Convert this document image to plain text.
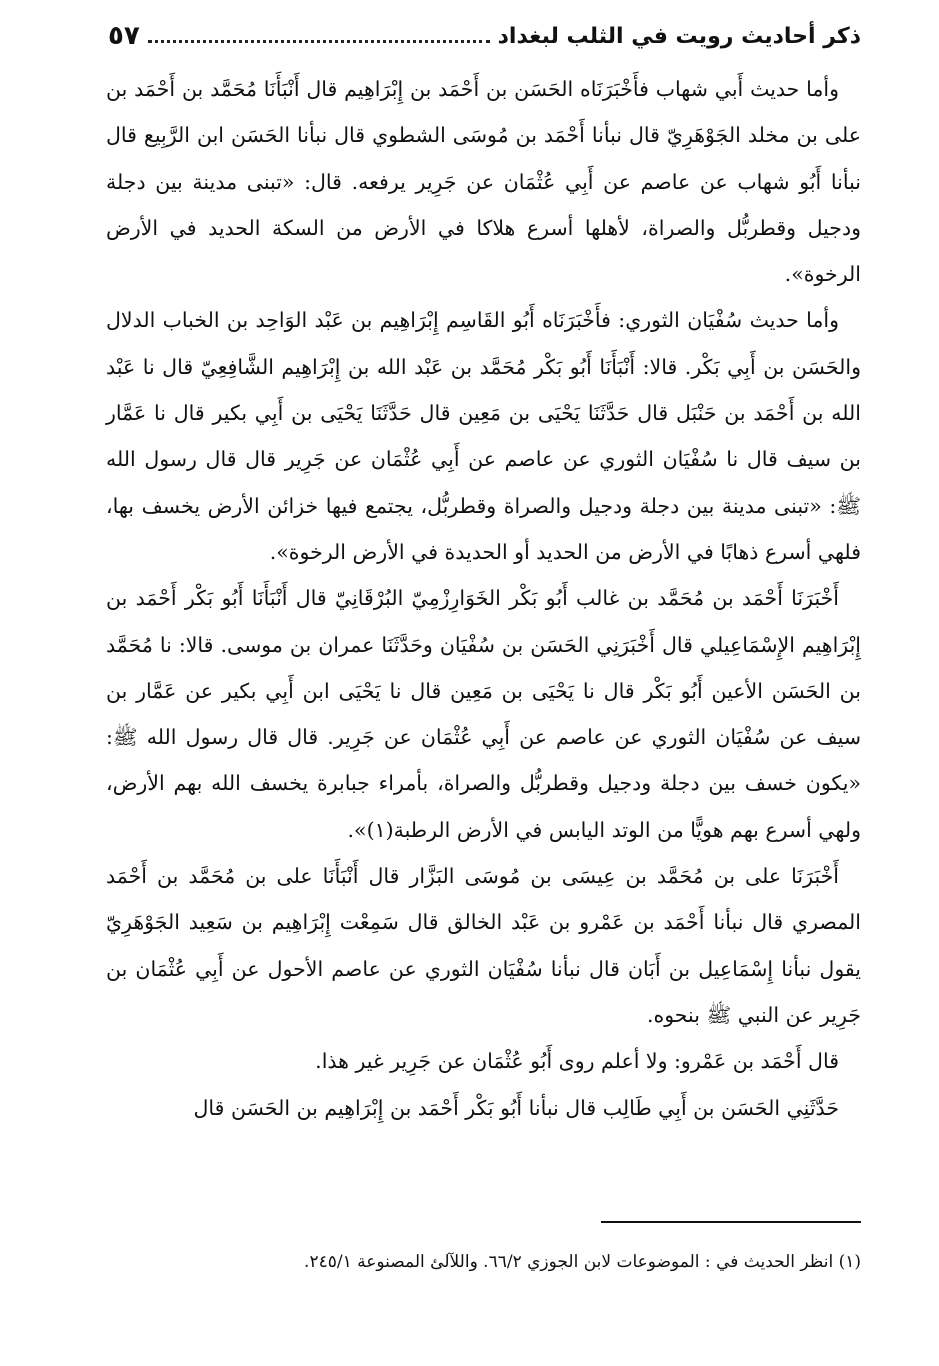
ذكر أحاديث رويت في الثلب لبغداد
٥٧

وأما حديث أَبي شهاب فأَخْبَرَنَاه الحَسَن بن أَحْمَد بن إِبْرَاهِيم قال أَنْبَأَنَا مُحَمَّد بن أَحْمَد بن على بن مخلد الجَوْهَرِيّ قال نبأنا أَحْمَد بن مُوسَى الشطوي قال نبأنا الحَسَن ابن الرَّبِيع قال نبأنا أَبُو شهاب عن عاصم عن أَبِي عُثْمَان عن جَرِير يرفعه. قال: «تبنى مدينة بين دجلة ودجيل وقطربُّل والصراة، لأهلها أسرع هلاكا في الأرض من السكة الحديد في الأرض الرخوة».

وأما حديث سُفْيَان الثوري: فأَخْبَرَنَاه أَبُو القَاسِم إِبْرَاهِيم بن عَبْد الوَاحِد بن الخباب الدلال والحَسَن بن أَبِي بَكْر. قالا: أَنْبَأَنَا أَبُو بَكْر مُحَمَّد بن عَبْد الله بن إِبْرَاهِيم الشَّافِعِيّ قال نا عَبْد الله بن أَحْمَد بن حَنْبَل قال حَدَّثَنَا يَحْيَى بن مَعِين قال حَدَّثَنَا يَحْيَى بن أَبِي بكير قال نا عَمَّار بن سيف قال نا سُفْيَان الثوري عن عاصم عن أَبِي عُثْمَان عن جَرِير قال قال رسول الله ﷺ: «تبنى مدينة بين دجلة ودجيل والصراة وقطربُّل، يجتمع فيها خزائن الأرض يخسف بها، فلهي أسرع ذهابًا في الأرض من الحديد أو الحديدة في الأرض الرخوة».

أَخْبَرَنَا أَحْمَد بن مُحَمَّد بن غالب أَبُو بَكْر الخَوَارِزْمِيّ البُرْقَانِيّ قال أَنْبَأَنَا أَبُو بَكْر أَحْمَد بن إِبْرَاهِيم الإِسْمَاعِيلي قال أَخْبَرَنِي الحَسَن بن سُفْيَان وحَدَّثَنَا عمران بن موسى. قالا: نا مُحَمَّد بن الحَسَن الأعين أَبُو بَكْر قال نا يَحْيَى بن مَعِين قال نا يَحْيَى ابن أَبِي بكير عن عَمَّار بن سيف عن سُفْيَان الثوري عن عاصم عن أَبِي عُثْمَان عن جَرِير. قال قال رسول الله ﷺ: «يكون خسف بين دجلة ودجيل وقطربُّل والصراة، بأمراء جبابرة يخسف الله بهم الأرض، ولهي أسرع بهم هويًّا من الوتد اليابس في الأرض الرطبة(١)».

أَخْبَرَنَا على بن مُحَمَّد بن عِيسَى بن مُوسَى البَزَّار قال أَنْبَأَنَا على بن مُحَمَّد بن أَحْمَد المصري قال نبأنا أَحْمَد بن عَمْرو بن عَبْد الخالق قال سَمِعْت إِبْرَاهِيم بن سَعِيد الجَوْهَرِيّ يقول نبأنا إِسْمَاعِيل بن أَبَان قال نبأنا سُفْيَان الثوري عن عاصم الأحول عن أَبِي عُثْمَان بن جَرِير عن النبي ﷺ بنحوه.

قال أَحْمَد بن عَمْرو: ولا أعلم روى أَبُو عُثْمَان عن جَرِير غير هذا.

حَدَّثَنِي الحَسَن بن أَبِي طَالِب قال نبأنا أَبُو بَكْر أَحْمَد بن إِبْرَاهِيم بن الحَسَن قال

(١) انظر الحديث في : الموضوعات لابن الجوزي ٦٦/٢. واللآلئ المصنوعة ٢٤٥/١.
